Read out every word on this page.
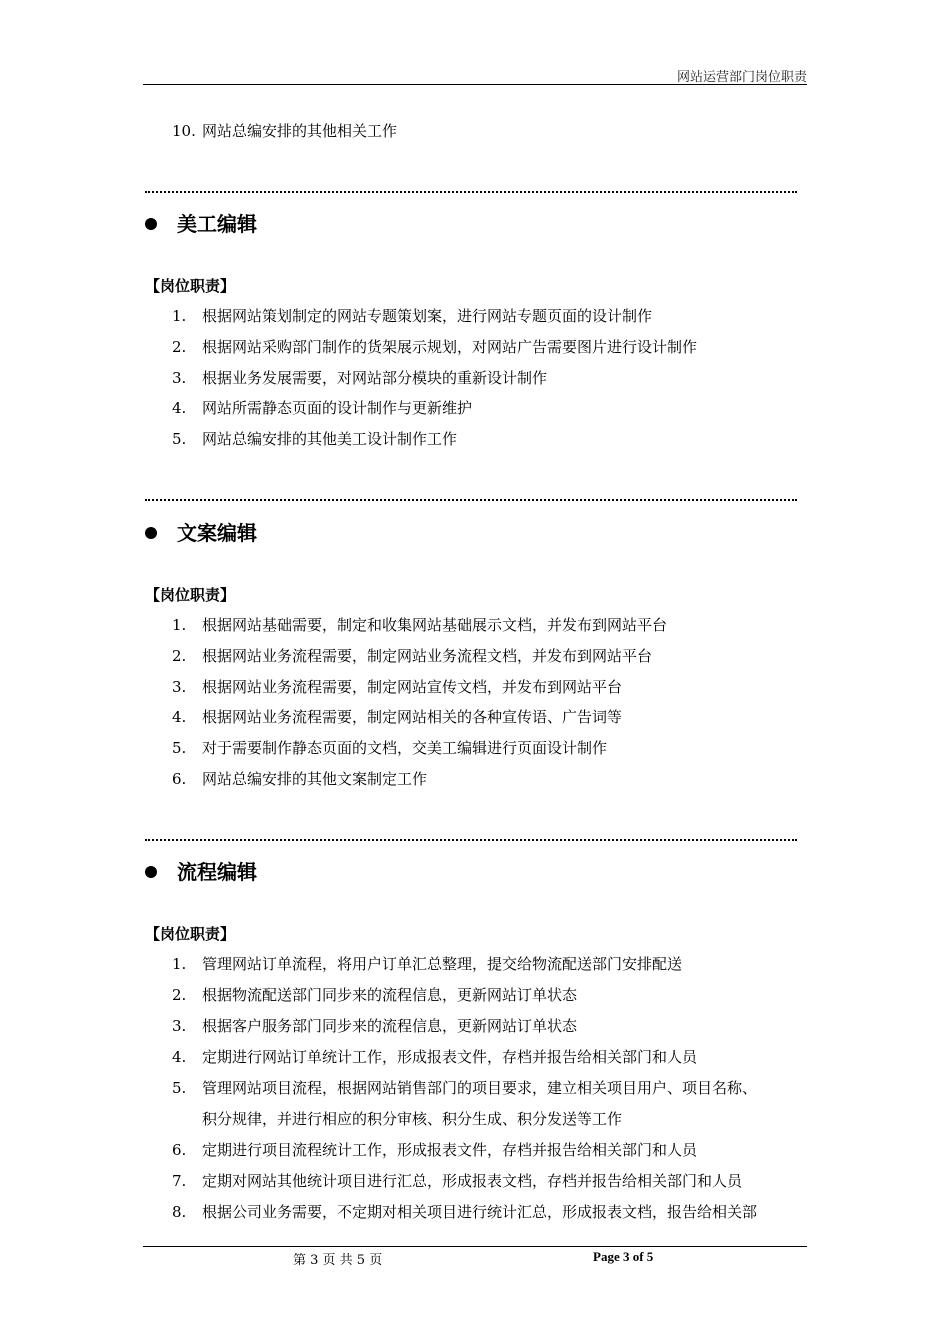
网站运营部门岗位职责
10. 网站总编安排的其他相关工作
美工编辑
【岗位职责】
1. 根据网站策划制定的网站专题策划案，进行网站专题页面的设计制作
2. 根据网站采购部门制作的货架展示规划，对网站广告需要图片进行设计制作
3. 根据业务发展需要，对网站部分模块的重新设计制作
4. 网站所需静态页面的设计制作与更新维护
5. 网站总编安排的其他美工设计制作工作
文案编辑
【岗位职责】
1. 根据网站基础需要，制定和收集网站基础展示文档，并发布到网站平台
2. 根据网站业务流程需要，制定网站业务流程文档，并发布到网站平台
3. 根据网站业务流程需要，制定网站宣传文档，并发布到网站平台
4. 根据网站业务流程需要，制定网站相关的各种宣传语、广告词等
5. 对于需要制作静态页面的文档，交美工编辑进行页面设计制作
6. 网站总编安排的其他文案制定工作
流程编辑
【岗位职责】
1. 管理网站订单流程，将用户订单汇总整理，提交给物流配送部门安排配送
2. 根据物流配送部门同步来的流程信息，更新网站订单状态
3. 根据客户服务部门同步来的流程信息，更新网站订单状态
4. 定期进行网站订单统计工作，形成报表文件，存档并报告给相关部门和人员
5. 管理网站项目流程，根据网站销售部门的项目要求，建立相关项目用户、项目名称、
积分规律，并进行相应的积分审核、积分生成、积分发送等工作
6. 定期进行项目流程统计工作，形成报表文件，存档并报告给相关部门和人员
7. 定期对网站其他统计项目进行汇总，形成报表文档，存档并报告给相关部门和人员
8. 根据公司业务需要，不定期对相关项目进行统计汇总，形成报表文档，报告给相关部
第 3 页 共 5 页	Page 3 of 5
